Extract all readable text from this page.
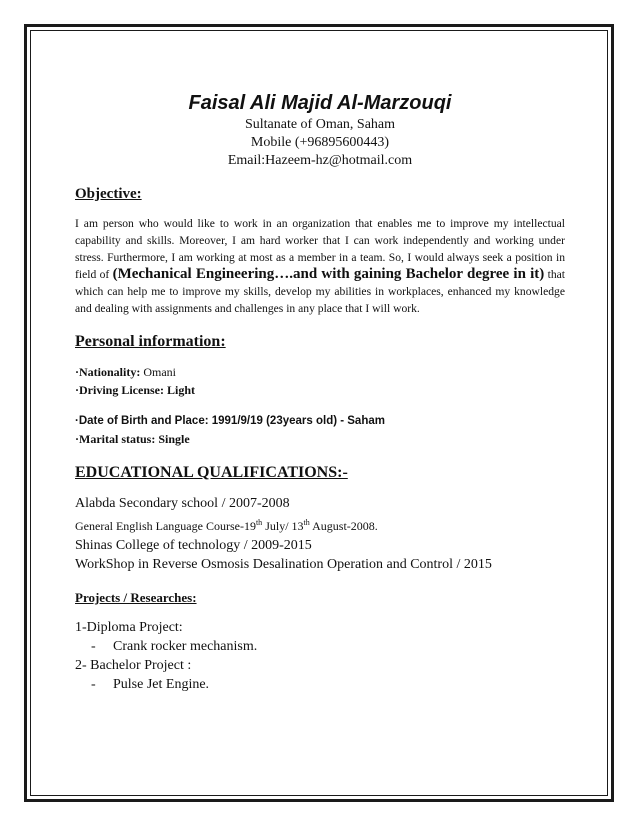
Faisal Ali Majid Al-Marzouqi
Sultanate of Oman, Saham
Mobile (+96895600443)
Email:Hazeem-hz@hotmail.com
Objective:
I am person who would like to work in an organization that enables me to improve my intellectual capability and skills. Moreover, I am hard worker that I can work independently and working under stress. Furthermore, I am working at most as a member in a team. So, I would always seek a position in field of (Mechanical Engineering….and with gaining Bachelor degree in it) that which can help me to improve my skills, develop my abilities in workplaces, enhanced my knowledge and dealing with assignments and challenges in any place that I will work.
Personal information:
·Nationality: Omani
·Driving License: Light
·Date of Birth and Place: 1991/9/19 (23years old) - Saham
·Marital status: Single
EDUCATIONAL QUALIFICATIONS:-
Alabda Secondary school / 2007-2008
General English Language Course-19th July/ 13th August-2008.
Shinas College of technology / 2009-2015
WorkShop in Reverse Osmosis Desalination Operation and Control / 2015
Projects / Researches:
1-Diploma Project:
- Crank rocker mechanism.
2- Bachelor Project :
- Pulse Jet Engine.
